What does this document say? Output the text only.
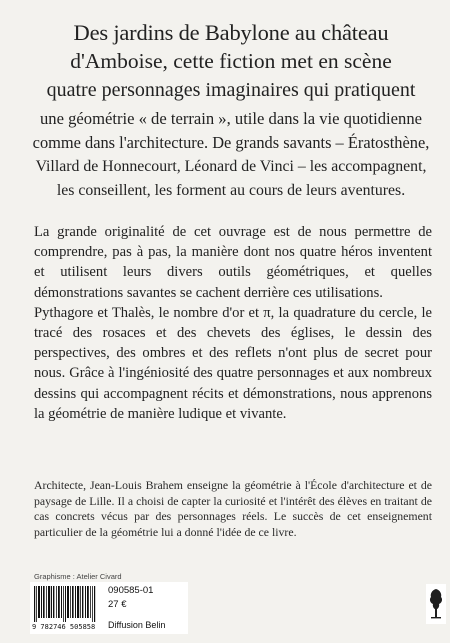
Des jardins de Babylone au château
d'Amboise, cette fiction met en scène
quatre personnages imaginaires qui pratiquent
une géométrie « de terrain », utile dans la vie quotidienne
comme dans l'architecture. De grands savants – Ératosthène,
Villard de Honnecourt, Léonard de Vinci – les accompagnent,
les conseillent, les forment au cours de leurs aventures.

La grande originalité de cet ouvrage est de nous permettre de comprendre, pas à pas, la manière dont nos quatre héros inventent et utilisent leurs divers outils géométriques, et quelles démonstrations savantes se cachent derrière ces utilisations.

Pythagore et Thalès, le nombre d'or et π, la quadrature du cercle, le tracé des rosaces et des chevets des églises, le dessin des perspectives, des ombres et des reflets n'ont plus de secret pour nous. Grâce à l'ingéniosité des quatre personnages et aux nombreux dessins qui accompagnent récits et démonstrations, nous apprenons la géométrie de manière ludique et vivante.

Architecte, Jean-Louis Brahem enseigne la géométrie à l'École d'architecture et de paysage de Lille. Il a choisi de capter la curiosité et l'intérêt des élèves en traitant de cas concrets vécus par des personnages réels. Le succès de cet enseignement particulier de la géométrie lui a donné l'idée de ce livre.

Graphisme : Atelier Civard
9 782746 505858
090585-01
27 €
Diffusion Belin
